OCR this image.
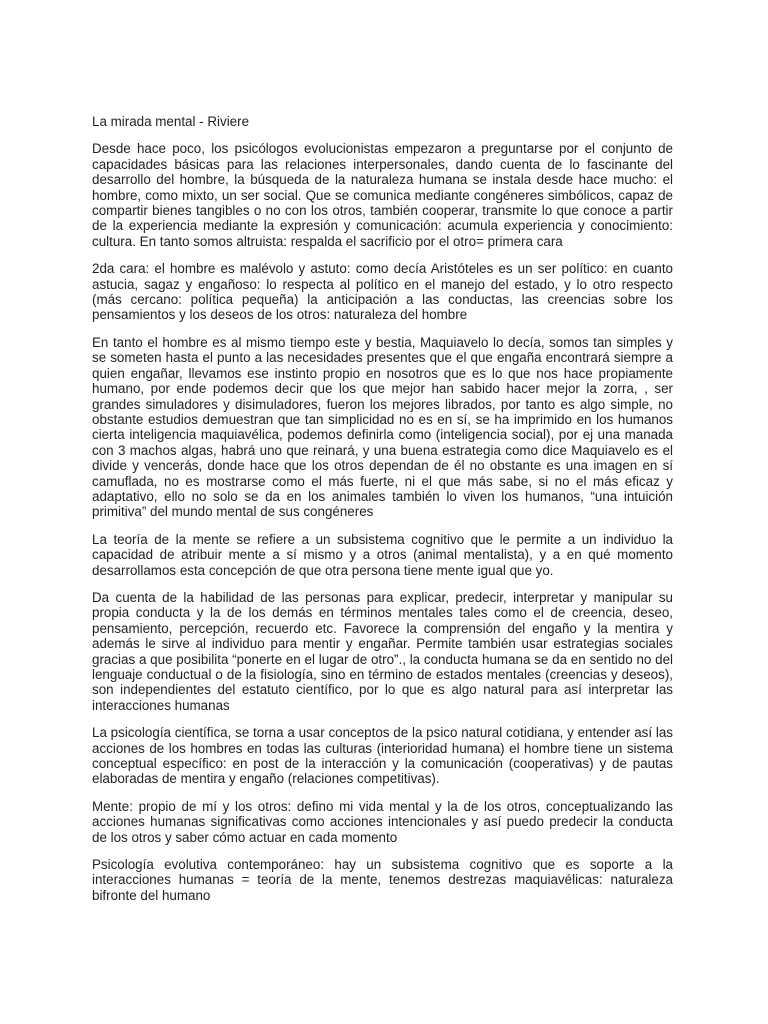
La mirada mental - Riviere

Desde hace poco, los psicólogos evolucionistas empezaron a preguntarse por el conjunto de capacidades básicas para las relaciones interpersonales, dando cuenta de lo fascinante del desarrollo del hombre, la búsqueda de la naturaleza humana se instala desde hace mucho: el hombre, como mixto, un ser social. Que se comunica mediante congéneres simbólicos, capaz de compartir bienes tangibles o no con los otros, también cooperar, transmite lo que conoce a partir de la experiencia mediante la expresión y comunicación: acumula experiencia y conocimiento: cultura. En tanto somos altruista: respalda el sacrificio por el otro= primera cara

2da cara: el hombre es malévolo y astuto: como decía Aristóteles es un ser político: en cuanto astucia, sagaz y engañoso: lo respecta al político en el manejo del estado, y lo otro respecto (más cercano: política pequeña) la anticipación a las conductas, las creencias sobre los pensamientos y los deseos de los otros: naturaleza del hombre

En tanto el hombre es al mismo tiempo este y bestia, Maquiavelo lo decía, somos tan simples y se someten hasta el punto a las necesidades presentes que el que engaña encontrará siempre a quien engañar, llevamos ese instinto propio en nosotros que es lo que nos hace propiamente humano, por ende podemos decir que los que mejor han sabido hacer mejor la zorra, , ser grandes simuladores y disimuladores, fueron los mejores librados, por tanto es algo simple, no obstante estudios demuestran que tan simplicidad no es en sí, se ha imprimido en los humanos cierta inteligencia maquiavélica, podemos definirla como (inteligencia social), por ej una manada con 3 machos algas, habrá uno que reinará, y una buena estrategia como dice Maquiavelo es el divide y vencerás, donde hace que los otros dependan de él no obstante es una imagen en sí camuflada, no es mostrarse como el más fuerte, ni el que más sabe, si no el más eficaz y adaptativo, ello no solo se da en los animales también lo viven los humanos, “una intuición primitiva” del mundo mental de sus congéneres

La teoría de la mente se refiere a un subsistema cognitivo que le permite a un individuo la capacidad de atribuir mente a sí mismo y a otros (animal mentalista), y a en qué momento desarrollamos esta concepción de que otra persona tiene mente igual que yo.

Da cuenta de la habilidad de las personas para explicar, predecir, interpretar y manipular su propia conducta y la de los demás en términos mentales tales como el de creencia, deseo, pensamiento, percepción, recuerdo etc. Favorece la comprensión del engaño y la mentira y además le sirve al individuo para mentir y engañar. Permite también usar estrategias sociales gracias a que posibilita “ponerte en el lugar de otro”., la conducta humana se da en sentido no del lenguaje conductual o de la fisiología, sino en término de estados mentales (creencias y deseos), son independientes del estatuto científico, por lo que es algo natural para así interpretar las interacciones humanas

La psicología científica, se torna a usar conceptos de la psico natural cotidiana, y entender así las acciones de los hombres en todas las culturas (interioridad humana) el hombre tiene un sistema conceptual específico: en post de la interacción y la comunicación (cooperativas) y de pautas elaboradas de mentira y engaño (relaciones competitivas).

Mente: propio de mí y los otros: defino mi vida mental y la de los otros, conceptualizando las acciones humanas significativas como acciones intencionales y así puedo predecir la conducta de los otros y saber cómo actuar en cada momento

Psicología evolutiva contemporáneo: hay un subsistema cognitivo que es soporte a la interacciones humanas = teoría de la mente, tenemos destrezas maquiavélicas: naturaleza bifronte del humano
